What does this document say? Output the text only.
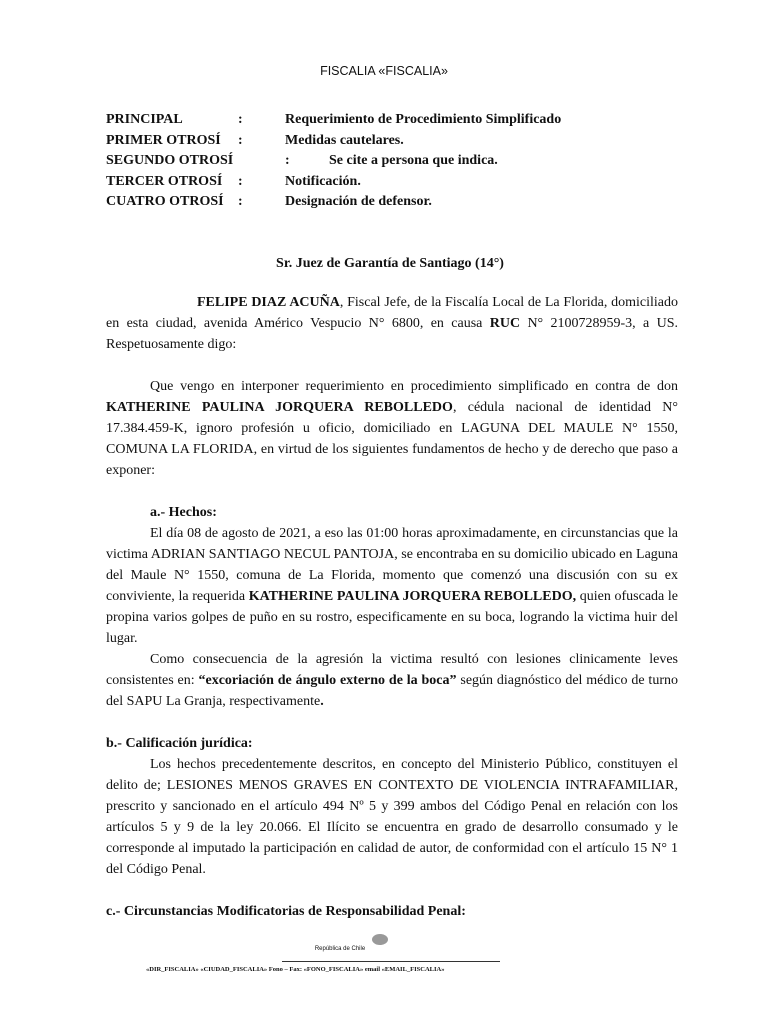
FISCALIA «FISCALIA»
PRINCIPAL	:	Requerimiento de Procedimiento Simplificado
PRIMER OTROSÍ :	Medidas cautelares.
SEGUNDO OTROSÍ	:	Se cite a persona que indica.
TERCER OTROSÍ :	Notificación.
CUATRO OTROSÍ :	Designación de defensor.
Sr. Juez de Garantía de Santiago (14°)

FELIPE DIAZ ACUÑA, Fiscal Jefe, de la Fiscalía Local de La Florida, domiciliado en esta ciudad, avenida Américo Vespucio N° 6800, en causa RUC N° 2100728959-3, a US. Respetuosamente digo:

Que vengo en interponer requerimiento en procedimiento simplificado en contra de don KATHERINE PAULINA JORQUERA REBOLLEDO, cédula nacional de identidad N° 17.384.459-K, ignoro profesión u oficio, domiciliado en LAGUNA DEL MAULE N° 1550, COMUNA LA FLORIDA, en virtud de los siguientes fundamentos de hecho y de derecho que paso a exponer:

a.- Hechos:

El día 08 de agosto de 2021, a eso las 01:00 horas aproximadamente, en circunstancias que la victima ADRIAN SANTIAGO NECUL PANTOJA, se encontraba en su domicilio ubicado en Laguna del Maule N° 1550, comuna de La Florida, momento que comenzó una discusión con su ex conviviente, la requerida KATHERINE PAULINA JORQUERA REBOLLEDO, quien ofuscada le propina varios golpes de puño en su rostro, especificamente en su boca, logrando la victima huir del lugar.

Como consecuencia de la agresión la victima resultó con lesiones clinicamente leves consistentes en: “excoriación de ángulo externo de la boca” según diagnóstico del médico de turno del SAPU La Granja, respectivamente.

b.- Calificación jurídica:

Los hechos precedentemente descritos, en concepto del Ministerio Público, constituyen el delito de; LESIONES MENOS GRAVES EN CONTEXTO DE VIOLENCIA INTRAFAMILIAR, prescrito y sancionado en el artículo 494 Nº 5 y 399 ambos del Código Penal en relación con los artículos 5 y 9 de la ley 20.066. El Ilícito se encuentra en grado de desarrollo consumado y le corresponde al imputado la participación en calidad de autor, de conformidad con el artículo 15 N° 1 del Código Penal.

c.- Circunstancias Modificatorias de Responsabilidad Penal:

República de Chile
«DIR_FISCALIA» «CIUDAD_FISCALIA» Fono – Fax: «FONO_FISCALIA» email «EMAIL_FISCALIA»
